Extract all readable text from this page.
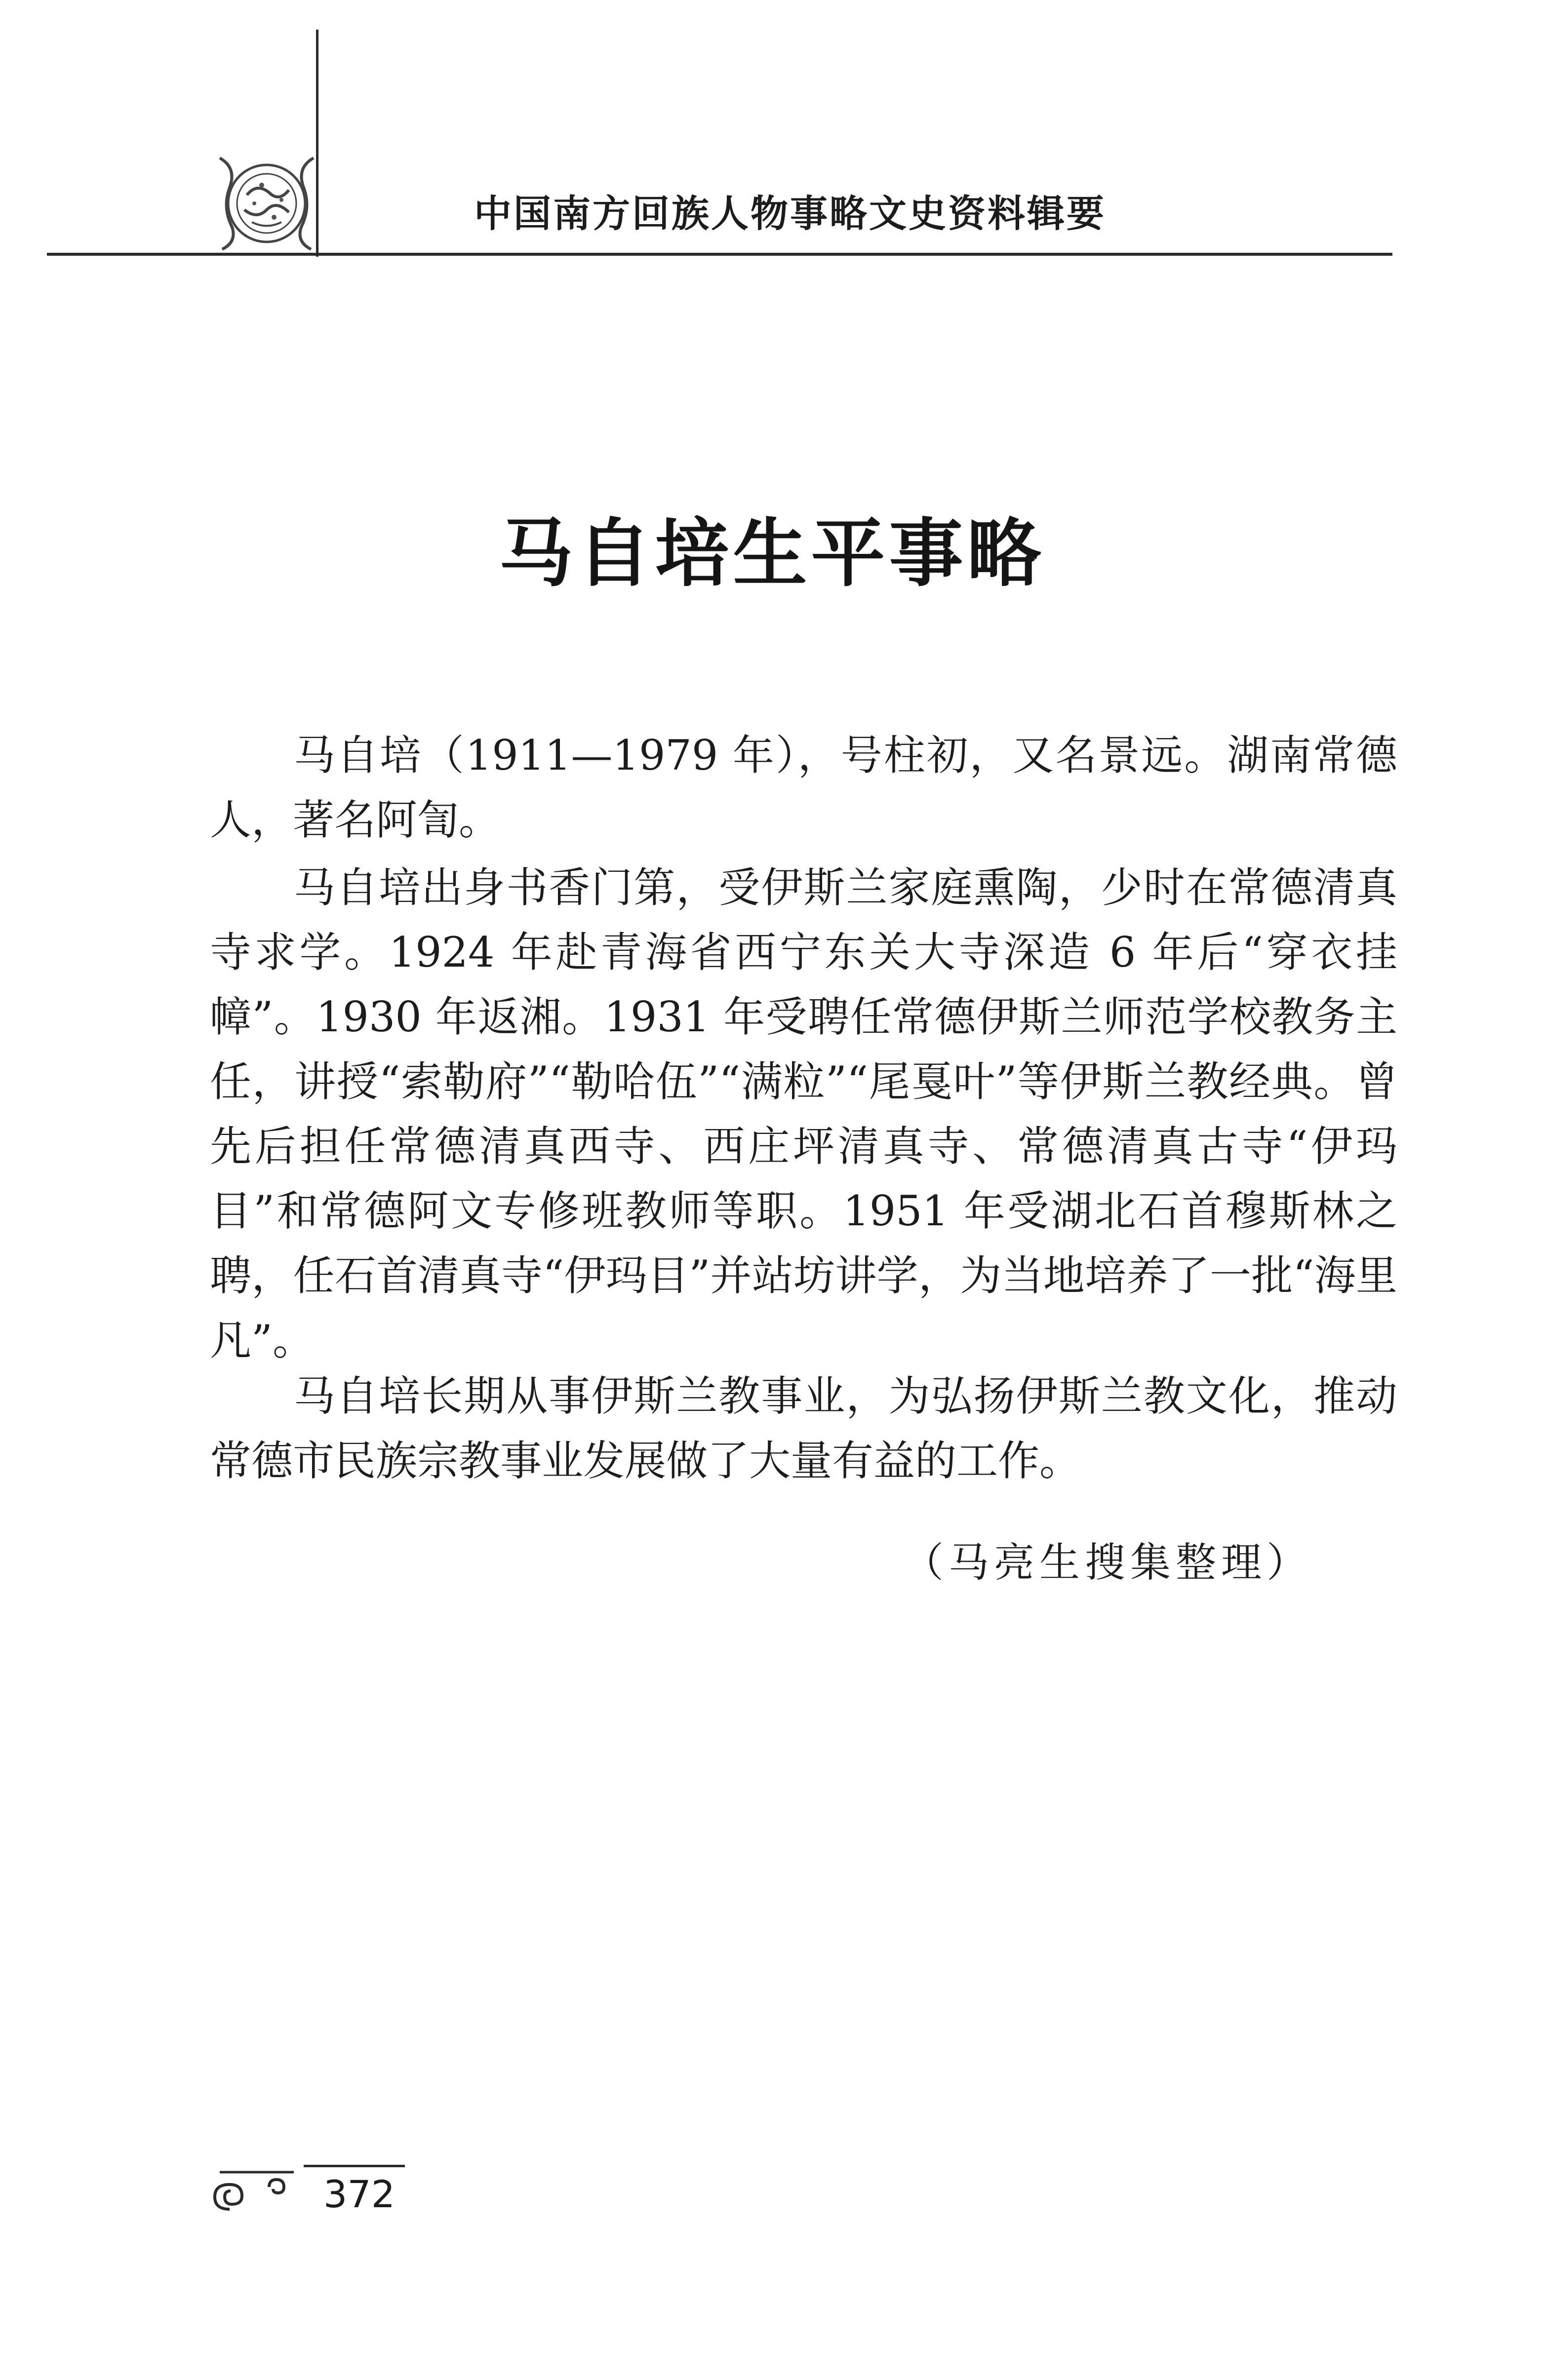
中国南方回族人物事略文史资料辑要
马自培生平事略

马自培（1911—1979 年），号柱初，又名景远。湖南常德人，著名阿訇。

马自培出身书香门第，受伊斯兰家庭熏陶，少时在常德清真寺求学。1924 年赴青海省西宁东关大寺深造 6 年后“穿衣挂幛”。1930 年返湘。1931 年受聘任常德伊斯兰师范学校教务主任，讲授“索勒府”“勒哈伍”“满粒”“尾戛叶”等伊斯兰教经典。曾先后担任常德清真西寺、西庄坪清真寺、常德清真古寺“伊玛目”和常德阿文专修班教师等职。1951 年受湖北石首穆斯林之聘，任石首清真寺“伊玛目”并站坊讲学，为当地培养了一批“海里凡”。

马自培长期从事伊斯兰教事业，为弘扬伊斯兰教文化，推动常德市民族宗教事业发展做了大量有益的工作。

（马亮生搜集整理）
372
